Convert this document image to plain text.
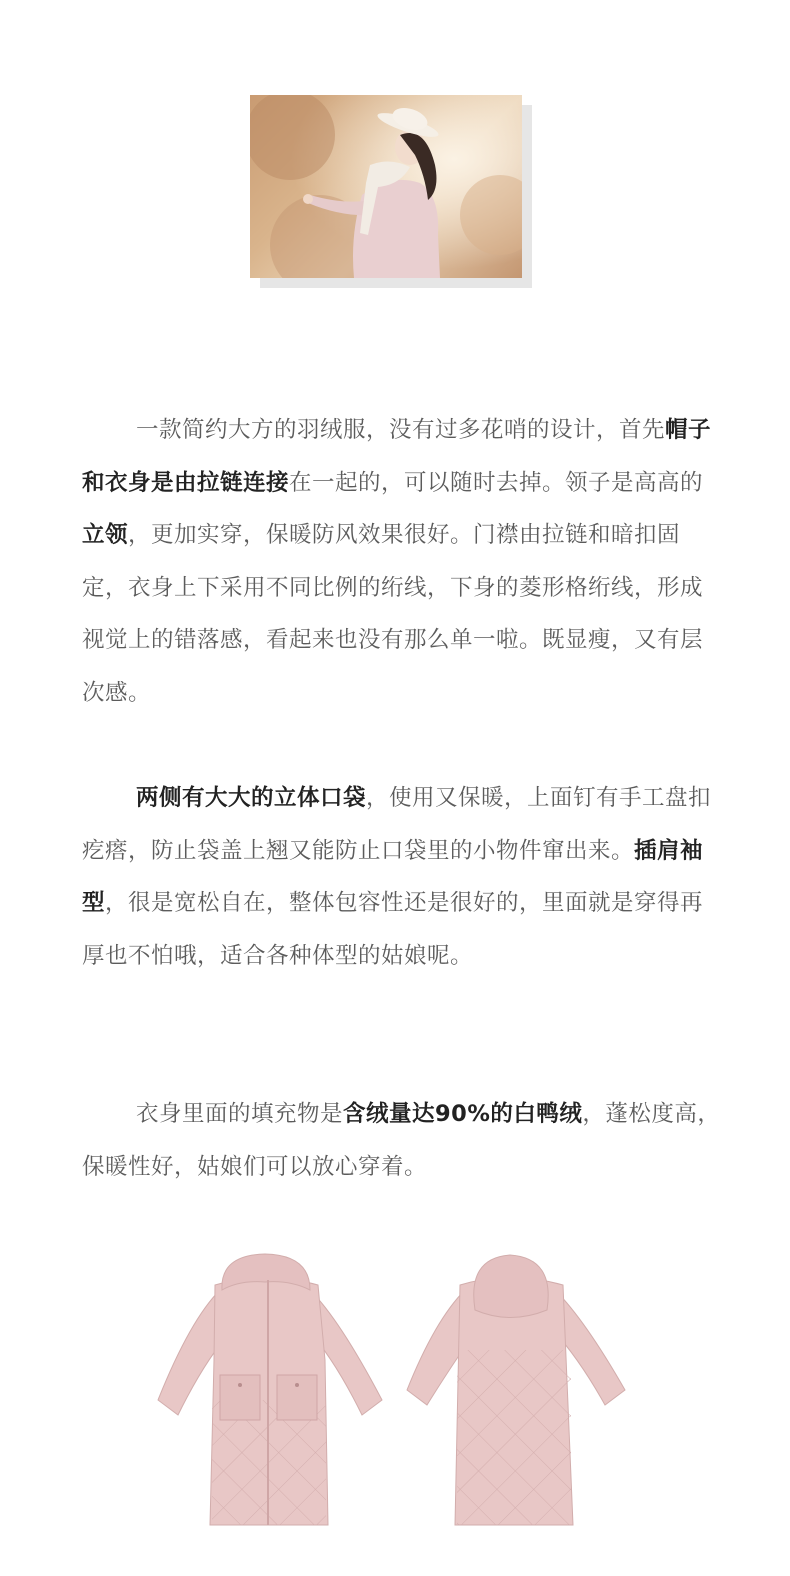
一款简约大方的羽绒服，没有过多花哨的设计，首先帽子和衣身是由拉链连接在一起的，可以随时去掉。领子是高高的立领，更加实穿，保暖防风效果很好。门襟由拉链和暗扣固定，衣身上下采用不同比例的绗线，下身的菱形格绗线，形成视觉上的错落感，看起来也没有那么单一啦。既显瘦，又有层次感。

两侧有大大的立体口袋，使用又保暖，上面钉有手工盘扣疙瘩，防止袋盖上翘又能防止口袋里的小物件窜出来。插肩袖型，很是宽松自在，整体包容性还是很好的，里面就是穿得再厚也不怕哦，适合各种体型的姑娘呢。

衣身里面的填充物是含绒量达90%的白鸭绒，蓬松度高，保暖性好，姑娘们可以放心穿着。
